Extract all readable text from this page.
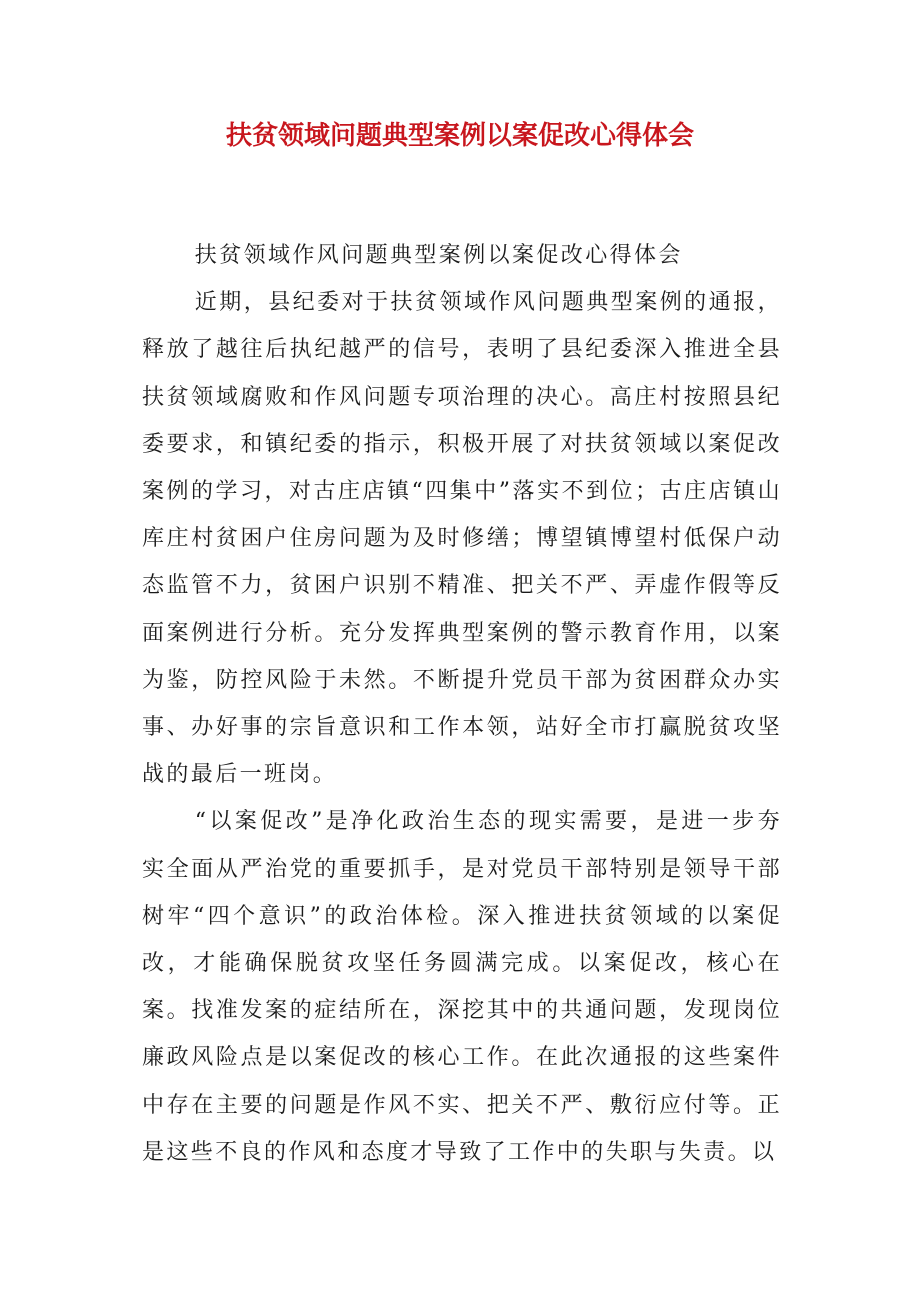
扶贫领域问题典型案例以案促改心得体会

扶贫领域作风问题典型案例以案促改心得体会

近期，县纪委对于扶贫领域作风问题典型案例的通报，释放了越往后执纪越严的信号，表明了县纪委深入推进全县扶贫领域腐败和作风问题专项治理的决心。高庄村按照县纪委要求，和镇纪委的指示，积极开展了对扶贫领域以案促改案例的学习，对古庄店镇“四集中”落实不到位；古庄店镇山库庄村贫困户住房问题为及时修缮；博望镇博望村低保户动态监管不力，贫困户识别不精准、把关不严、弄虚作假等反面案例进行分析。充分发挥典型案例的警示教育作用，以案为鉴，防控风险于未然。不断提升党员干部为贫困群众办实事、办好事的宗旨意识和工作本领，站好全市打赢脱贫攻坚战的最后一班岗。

“以案促改”是净化政治生态的现实需要，是进一步夯实全面从严治党的重要抓手，是对党员干部特别是领导干部树牢“四个意识”的政治体检。深入推进扶贫领域的以案促改，才能确保脱贫攻坚任务圆满完成。以案促改，核心在案。找准发案的症结所在，深挖其中的共通问题，发现岗位廉政风险点是以案促改的核心工作。在此次通报的这些案件中存在主要的问题是作风不实、把关不严、敷衍应付等。正是这些不良的作风和态度才导致了工作中的失职与失责。以
